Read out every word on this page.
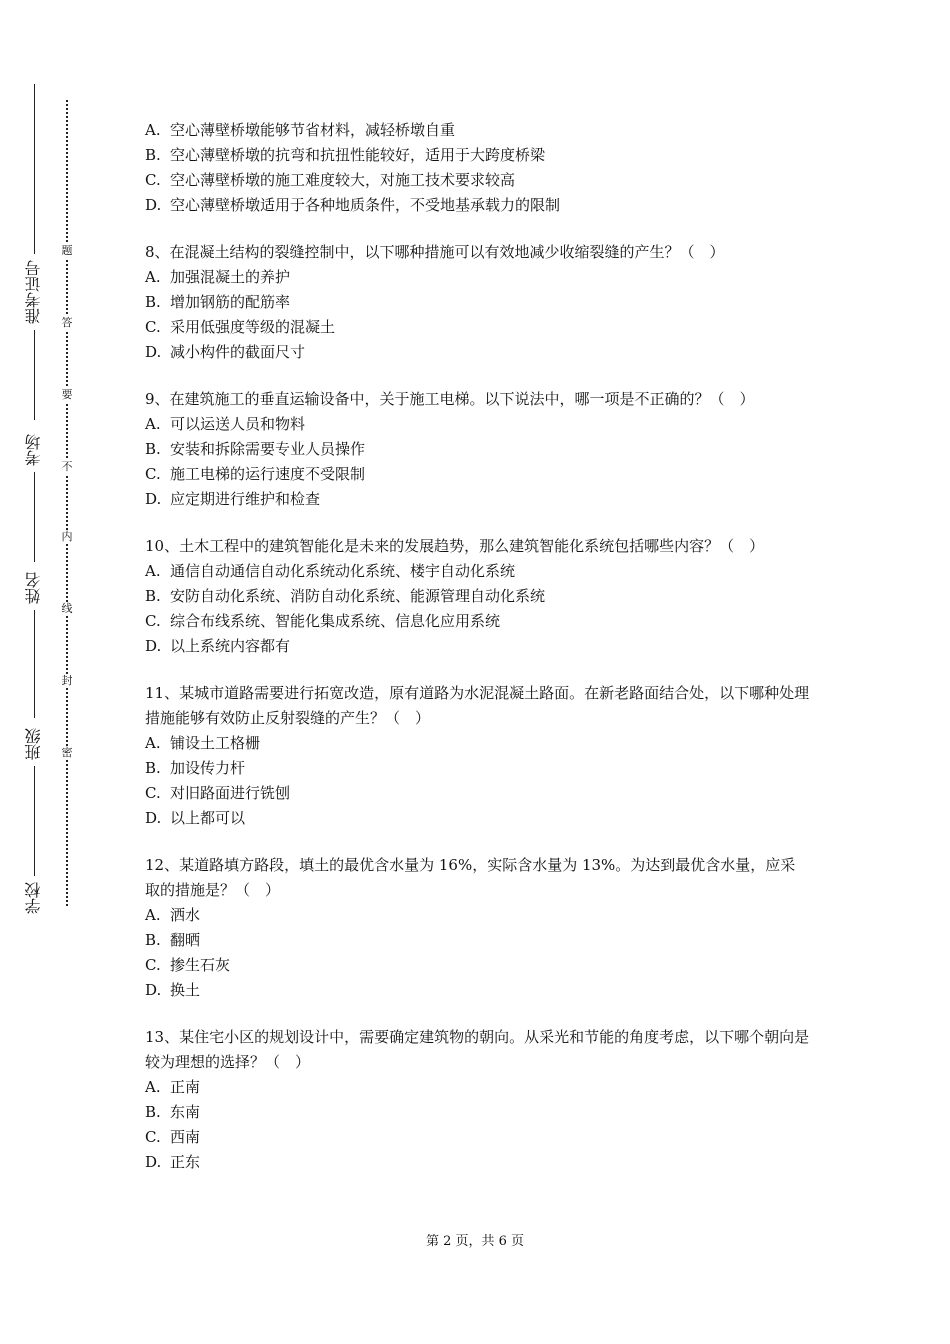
准考证号
考场
姓名
班级
学校
题
答
要
不
内
线
封
密
A. 空心薄壁桥墩能够节省材料，减轻桥墩自重
B. 空心薄壁桥墩的抗弯和抗扭性能较好，适用于大跨度桥梁
C. 空心薄壁桥墩的施工难度较大，对施工技术要求较高
D. 空心薄壁桥墩适用于各种地质条件，不受地基承载力的限制
8、在混凝土结构的裂缝控制中，以下哪种措施可以有效地减少收缩裂缝的产生？（　）
A. 加强混凝土的养护
B. 增加钢筋的配筋率
C. 采用低强度等级的混凝土
D. 减小构件的截面尺寸
9、在建筑施工的垂直运输设备中，关于施工电梯。以下说法中，哪一项是不正确的？（　）
A. 可以运送人员和物料
B. 安装和拆除需要专业人员操作
C. 施工电梯的运行速度不受限制
D. 应定期进行维护和检查
10、土木工程中的建筑智能化是未来的发展趋势，那么建筑智能化系统包括哪些内容？（　）
A. 通信自动通信自动化系统动化系统、楼宇自动化系统
B. 安防自动化系统、消防自动化系统、能源管理自动化系统
C. 综合布线系统、智能化集成系统、信息化应用系统
D. 以上系统内容都有
11、某城市道路需要进行拓宽改造，原有道路为水泥混凝土路面。在新老路面结合处，以下哪种处理措施能够有效防止反射裂缝的产生？（　）
A. 铺设土工格栅
B. 加设传力杆
C. 对旧路面进行铣刨
D. 以上都可以
12、某道路填方路段，填土的最优含水量为 16%，实际含水量为 13%。为达到最优含水量，应采取的措施是？（　）
A. 洒水
B. 翻晒
C. 掺生石灰
D. 换土
13、某住宅小区的规划设计中，需要确定建筑物的朝向。从采光和节能的角度考虑，以下哪个朝向是较为理想的选择？（　）
A. 正南
B. 东南
C. 西南
D. 正东
第 2 页，共 6 页
